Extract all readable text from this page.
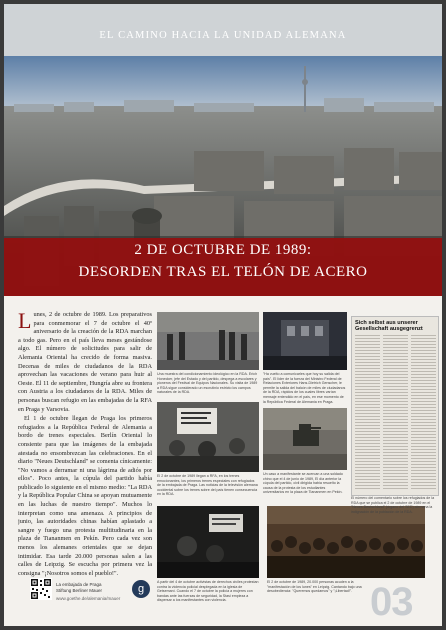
EL CAMINO HACIA LA UNIDAD ALEMANA
2 DE OCTUBRE DE 1989:
DESORDEN TRAS EL TELÓN DE ACERO
L unes, 2 de octubre de 1989. Los preparativos para conmemorar el 7 de octubre el 40º aniversario de la creación de la RDA marchan a todo gas. Pero en el país lleva meses gestándose algo. El número de solicitudes para salir de Alemania Oriental ha crecido de forma masiva. Decenas de miles de ciudadanos de la RDA aprovechan las vacaciones de verano para huir al Oeste. El 11 de septiembre, Hungría abre su frontera con Austria a los ciudadanos de la RDA. Miles de personas buscan refugio en las embajadas de la RFA en Praga y Varsovia.

El 1 de octubre llegan de Praga los primeros refugiados a la República Federal de Alemania a bordo de trenes especiales. Berlín Oriental lo consiente para que las imágenes de la embajada atestada no ensombrezcan las celebraciones. En el diario "Neues Deutschland" se comenta cínicamente: "No vamos a derramar ni una lágrima de adiós por ellos". Poco antes, la cúpula del partido había publicado lo siguiente en el mismo medio: "La RDA y la República Popular China se apoyan mutuamente en las luchas de nuestro tiempo". Muchos lo interpretan como una amenaza. A principios de junio, las autoridades chinas habían aplastado a sangre y fuego una protesta multitudinaria en la plaza de Tiananmen en Pekín. Pero cada vez son menos los alemanes orientales que se dejan intimidar. Esa tarde 20.000 personas salen a las calles de Leipzig. Se escucha por primera vez la consigna "¡Nosotros somos el pueblo!".

Una muestra del condicionamiento ideológico en la RDA. Erich Honecker, jefe del Estado y del partido, despega a escolares y pioneros del Festival de Equipos Nacionales. Su visita de 1989 a RDA sigue considerado un escrutinio estricto los campos naturales de la RDA.
"Ha vuelto a comunicarles que hoy su salida del país". El líder de la fuerza del Ministro Federal de Relaciones Exteriores Hans-Dietrich Genscher, le permite la salida del balcón de miles de ciudadanos de la RDA, rápidos de los cuales libres varían mensaje entendido en el país, en ese momento de la República Federal de Alemania en Praga.
El 2 de octubre de 1989 llegan a RFA, en los trenes emocionantes, los primeros trenes especiales con refugiados de la embajada de Praga. Las noticias de la televisión alemana occidental sobre los trenes sobre del país tienen consecuencia en la RDA.
Un caso a manifestante se acercan a una soldado chino que el 4 de junio de 1989, El día anterior la cúpula del partido, civil dirigida había resuelto la causa de la protesta de los estudiantes universitarios en la plaza de Tiananmen en Pekín.
A partir del 4 de octubre activistas de derechos civiles protestan contra la violencia policial desplegada en la iglesia de Getsemaní. Cuando el 7 de octubre la policía a mujeres con bandas ante las fuerzas de seguridad, la Stasi empieza a dispersar a los manifestantes con violencia.
El 2 de octubre de 1989, 20.000 personas acuden a la "manifestación de los lunes" en Leipzig. Cantando bajo una desobediencia: "Queremos quedarnos" y "¡Libertad!".
Sich selbst aus unserer Gesellschaft ausgegrenzt
El número del comentario sobre los refugiados de la RDA que se publica el 2 de octubre de 1989 en el "Neues Deutschland" (órgano del SED) alemana la indignación de la población de la RDA.
La embajada de Praga
Stiftung Berliner Mauer
www.goethe.de/alemania/mauer
g	03
